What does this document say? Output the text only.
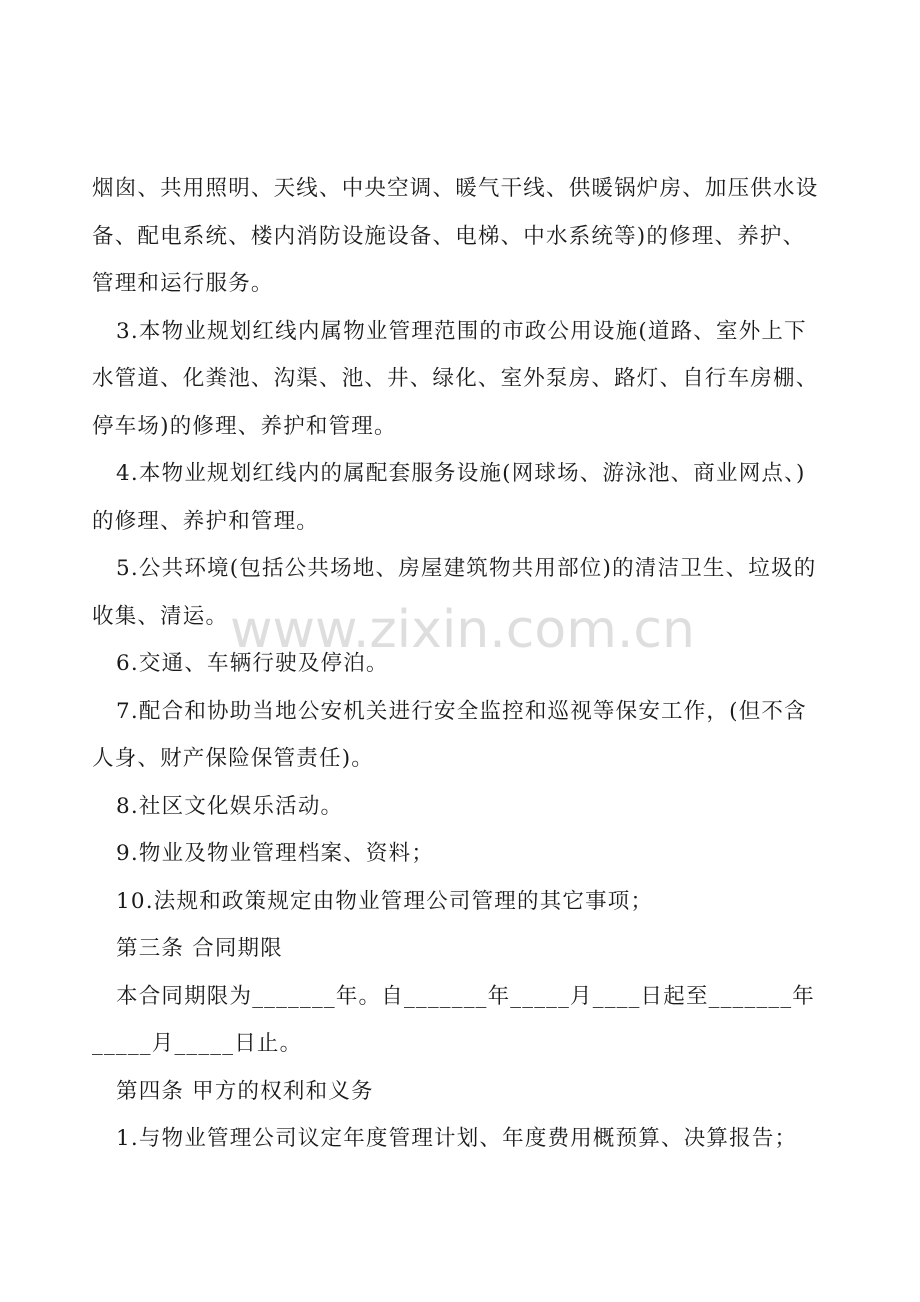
烟囱、共用照明、天线、中央空调、暖气干线、供暖锅炉房、加压供水设
备、配电系统、楼内消防设施设备、电梯、中水系统等)的修理、养护、
管理和运行服务。
3.本物业规划红线内属物业管理范围的市政公用设施(道路、室外上下
水管道、化粪池、沟渠、池、井、绿化、室外泵房、路灯、自行车房棚、
停车场)的修理、养护和管理。
4.本物业规划红线内的属配套服务设施(网球场、游泳池、商业网点、)
的修理、养护和管理。
5.公共环境(包括公共场地、房屋建筑物共用部位)的清洁卫生、垃圾的
收集、清运。
6.交通、车辆行驶及停泊。
7.配合和协助当地公安机关进行安全监控和巡视等保安工作，(但不含
人身、财产保险保管责任)。
8.社区文化娱乐活动。
9.物业及物业管理档案、资料；
10.法规和政策规定由物业管理公司管理的其它事项；
第三条 合同期限
本合同期限为_______年。自_______年_____月____日起至_______年
_____月_____日止。
第四条 甲方的权利和义务
1.与物业管理公司议定年度管理计划、年度费用概预算、决算报告；
www.zixin.com.cn
